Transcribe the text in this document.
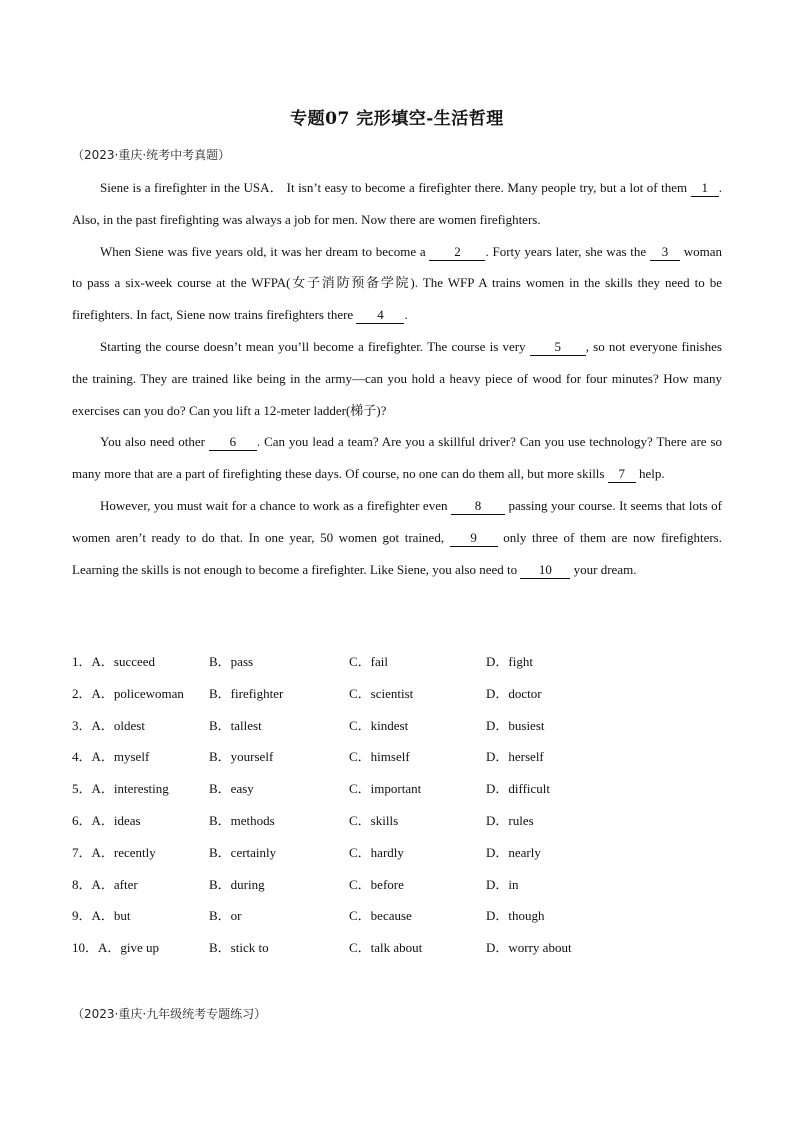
专题07 完形填空-生活哲理
（2023·重庆·统考中考真题）

Siene is a firefighter in the USA． It isn’t easy to become a firefighter there. Many people try, but a lot of them 1 . Also, in the past firefighting was always a job for men. Now there are women firefighters.

When Siene was five years old, it was her dream to become a 2 . Forty years later, she was the 3 woman to pass a six-week course at the WFPA(女子消防预备学院). The WFP A trains women in the skills they need to be firefighters. In fact, Siene now trains firefighters there 4 .

Starting the course doesn’t mean you’ll become a firefighter. The course is very 5 , so not everyone finishes the training. They are trained like being in the army—can you hold a heavy piece of wood for four minutes? How many exercises can you do? Can you lift a 12-meter ladder(梯子)?

You also need other 6 . Can you lead a team? Are you a skillful driver? Can you use technology? There are so many more that are a part of firefighting these days. Of course, no one can do them all, but more skills 7 help.

However, you must wait for a chance to work as a firefighter even 8 passing your course. It seems that lots of women aren’t ready to do that. In one year, 50 women got trained, 9 only three of them are now firefighters. Learning the skills is not enough to become a firefighter. Like Siene, you also need to 10 your dream.

1．A．succeed	B．pass	C．fail	D．fight
2．A．policewoman B．firefighter	C．scientist	D．doctor
3．A．oldest	B．tallest	C．kindest	D．busiest
4．A．myself	B．yourself	C．himself	D．herself
5．A．interesting	B．easy	C．important	D．difficult
6．A．ideas	B．methods	C．skills	D．rules
7．A．recently	B．certainly	C．hardly	D．nearly
8．A．after	B．during	C．before	D．in
9．A．but	B．or	C．because	D．though
10．A．give up	B．stick to	C．talk about	D．worry about
（2023·重庆·九年级统考专题练习）
